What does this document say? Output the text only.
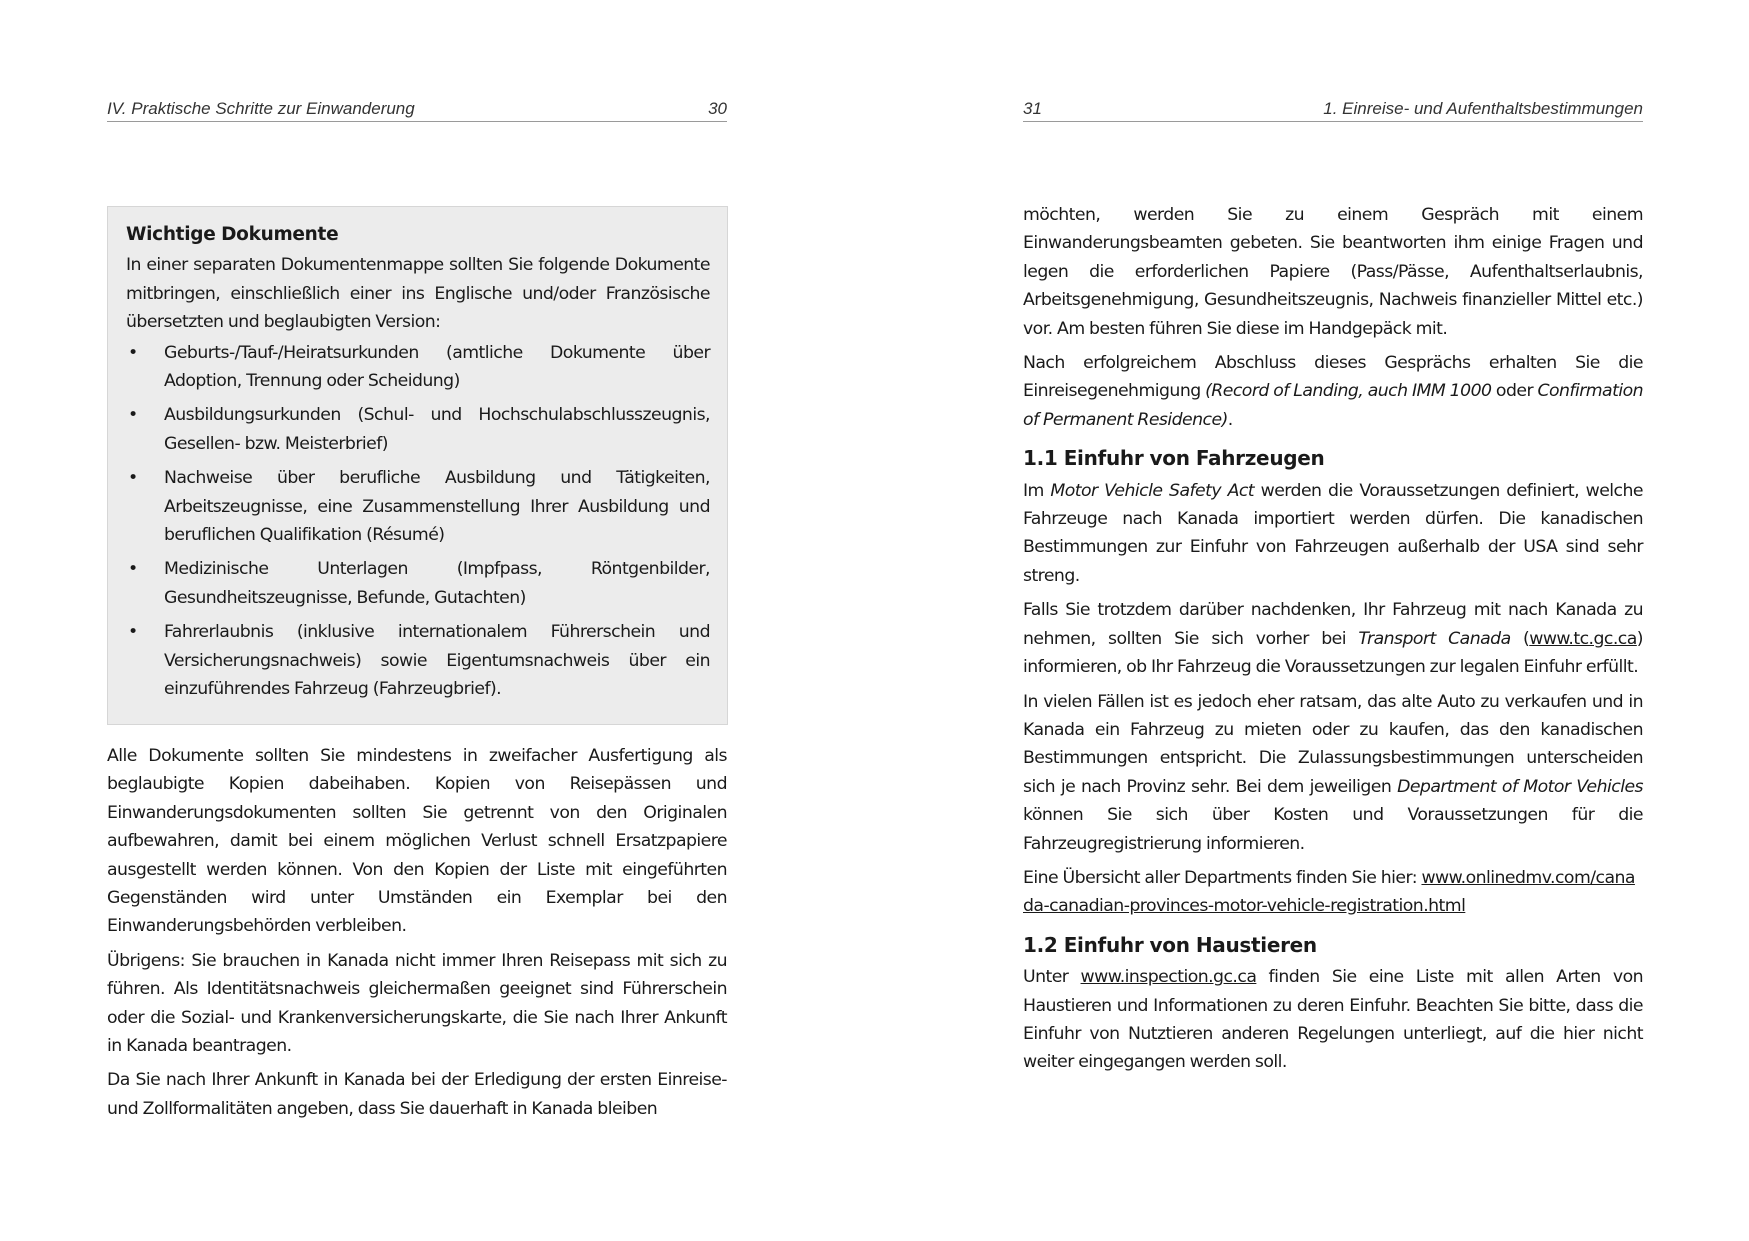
IV. Praktische Schritte zur Einwanderung	30
Wichtige Dokumente

In einer separaten Dokumentenmappe sollten Sie folgende Dokumente mitbringen, einschließlich einer ins Englische und/oder Französische übersetzten und beglaubigten Version:

• Geburts-/Tauf-/Heiratsurkunden (amtliche Dokumente über Adoption, Trennung oder Scheidung)
• Ausbildungsurkunden (Schul- und Hochschulabschlusszeugnis, Gesellen- bzw. Meisterbrief)
• Nachweise über berufliche Ausbildung und Tätigkeiten, Arbeitszeugnisse, eine Zusammenstellung Ihrer Ausbildung und beruflichen Qualifikation (Résumé)
• Medizinische Unterlagen (Impfpass, Röntgenbilder, Gesundheitszeugnisse, Befunde, Gutachten)
• Fahrerlaubnis (inklusive internationalem Führerschein und Versicherungsnachweis) sowie Eigentumsnachweis über ein einzuführendes Fahrzeug (Fahrzeugbrief).

Alle Dokumente sollten Sie mindestens in zweifacher Ausfertigung als beglaubigte Kopien dabeihaben. Kopien von Reisepässen und Einwanderungsdokumenten sollten Sie getrennt von den Originalen aufbewahren, damit bei einem möglichen Verlust schnell Ersatzpapiere ausgestellt werden können. Von den Kopien der Liste mit eingeführten Gegenständen wird unter Umständen ein Exemplar bei den Einwanderungsbehörden verbleiben.

Übrigens: Sie brauchen in Kanada nicht immer Ihren Reisepass mit sich zu führen. Als Identitätsnachweis gleichermaßen geeignet sind Führerschein oder die Sozial- und Krankenversicherungskarte, die Sie nach Ihrer Ankunft in Kanada beantragen.

Da Sie nach Ihrer Ankunft in Kanada bei der Erledigung der ersten Einreise- und Zollformalitäten angeben, dass Sie dauerhaft in Kanada bleiben

31	1. Einreise- und Aufenthaltsbestimmungen

möchten, werden Sie zu einem Gespräch mit einem Einwanderungsbeamten gebeten. Sie beantworten ihm einige Fragen und legen die erforderlichen Papiere (Pass/Pässe, Aufenthaltserlaubnis, Arbeitsgenehmigung, Gesundheitszeugnis, Nachweis finanzieller Mittel etc.) vor. Am besten führen Sie diese im Handgepäck mit.

Nach erfolgreichem Abschluss dieses Gesprächs erhalten Sie die Einreisegenehmigung (Record of Landing, auch IMM 1000 oder Confirmation of Permanent Residence).

1.1 Einfuhr von Fahrzeugen

Im Motor Vehicle Safety Act werden die Voraussetzungen definiert, welche Fahrzeuge nach Kanada importiert werden dürfen. Die kanadischen Bestimmungen zur Einfuhr von Fahrzeugen außerhalb der USA sind sehr streng.

Falls Sie trotzdem darüber nachdenken, Ihr Fahrzeug mit nach Kanada zu nehmen, sollten Sie sich vorher bei Transport Canada (www.tc.gc.ca) informieren, ob Ihr Fahrzeug die Voraussetzungen zur legalen Einfuhr erfüllt.

In vielen Fällen ist es jedoch eher ratsam, das alte Auto zu verkaufen und in Kanada ein Fahrzeug zu mieten oder zu kaufen, das den kanadischen Bestimmungen entspricht. Die Zulassungsbestimmungen unterscheiden sich je nach Provinz sehr. Bei dem jeweiligen Department of Motor Vehicles können Sie sich über Kosten und Voraussetzungen für die Fahrzeugregistrierung informieren.

Eine Übersicht aller Departments finden Sie hier: www.onlinedmv.com/canada-canadian-provinces-motor-vehicle-registration.html

1.2 Einfuhr von Haustieren

Unter www.inspection.gc.ca finden Sie eine Liste mit allen Arten von Haustieren und Informationen zu deren Einfuhr. Beachten Sie bitte, dass die Einfuhr von Nutztieren anderen Regelungen unterliegt, auf die hier nicht weiter eingegangen werden soll.
